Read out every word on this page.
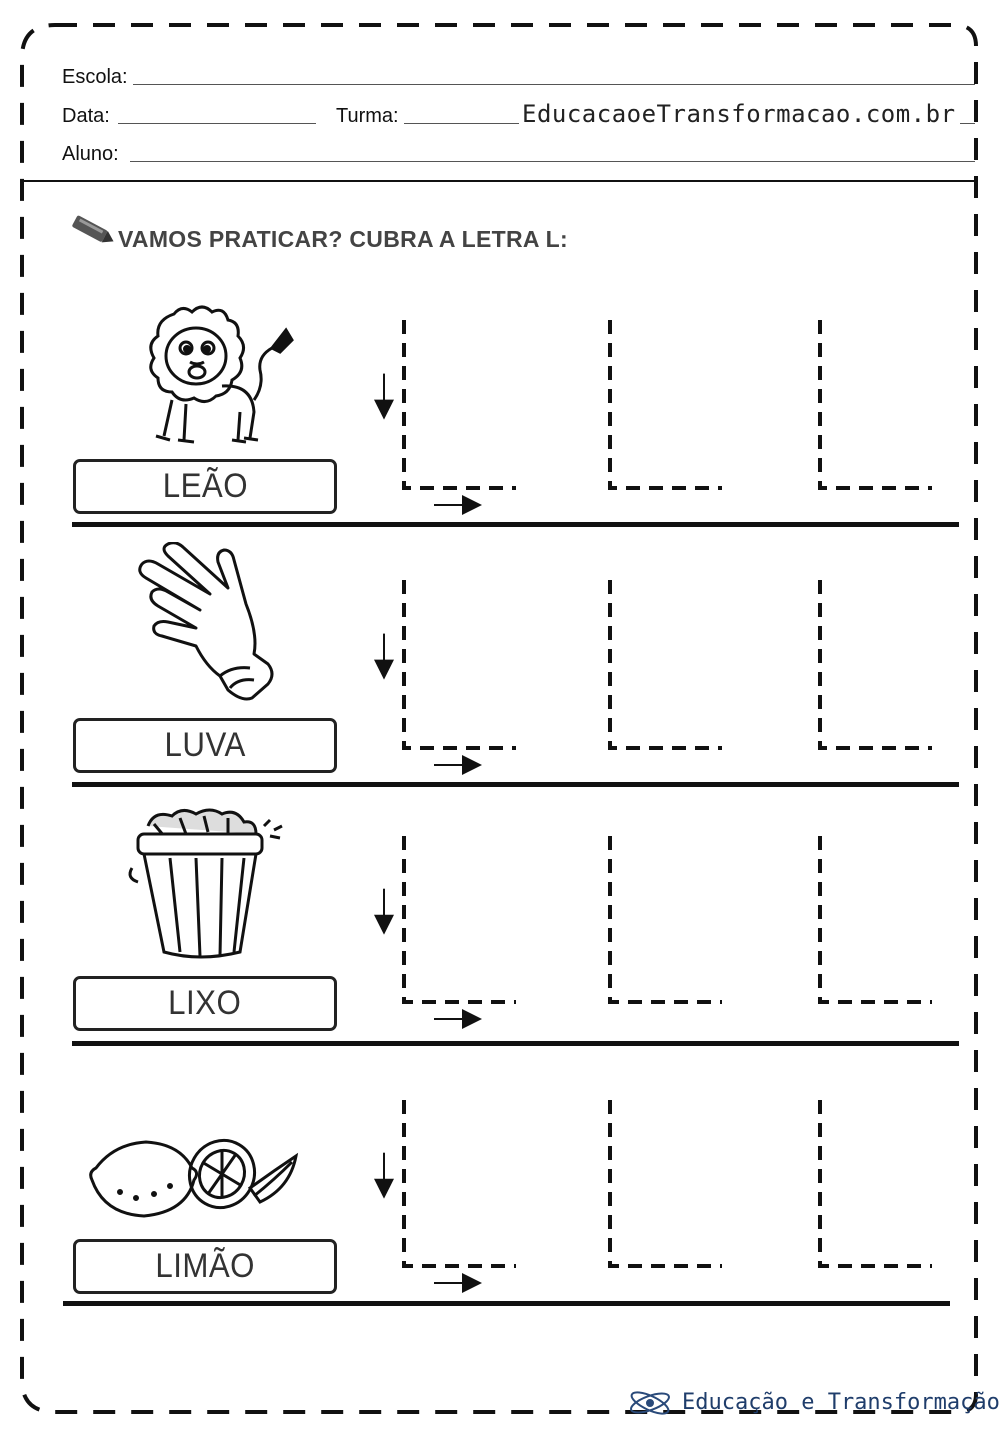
Escola:
Data:	Turma:	EducacaoeTransformacao.com.br
Aluno:
VAMOS PRATICAR? CUBRA A LETRA L:
LEÃO
LUVA
LIXO
LIMÃO
Educação e Transformação
